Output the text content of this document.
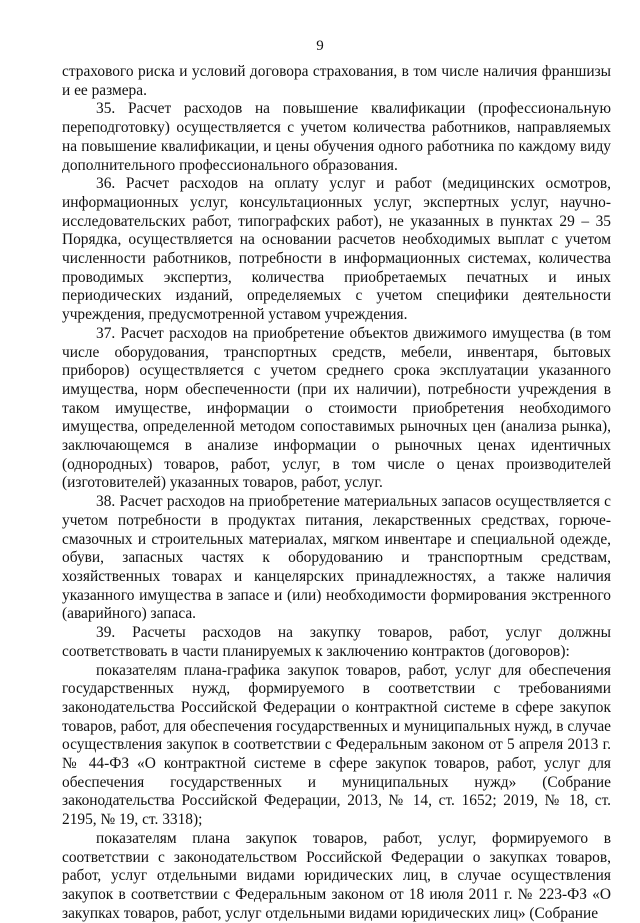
9

страхового риска и условий договора страхования, в том числе наличия франшизы и ее размера.

35. Расчет расходов на повышение квалификации (профессиональную переподготовку) осуществляется с учетом количества работников, направляемых на повышение квалификации, и цены обучения одного работника по каждому виду дополнительного профессионального образования.

36. Расчет расходов на оплату услуг и работ (медицинских осмотров, информационных услуг, консультационных услуг, экспертных услуг, научно-исследовательских работ, типографских работ), не указанных в пунктах 29 – 35 Порядка, осуществляется на основании расчетов необходимых выплат с учетом численности работников, потребности в информационных системах, количества проводимых экспертиз, количества приобретаемых печатных и иных периодических изданий, определяемых с учетом специфики деятельности учреждения, предусмотренной уставом учреждения.

37. Расчет расходов на приобретение объектов движимого имущества (в том числе оборудования, транспортных средств, мебели, инвентаря, бытовых приборов) осуществляется с учетом среднего срока эксплуатации указанного имущества, норм обеспеченности (при их наличии), потребности учреждения в таком имуществе, информации о стоимости приобретения необходимого имущества, определенной методом сопоставимых рыночных цен (анализа рынка), заключающемся в анализе информации о рыночных ценах идентичных (однородных) товаров, работ, услуг, в том числе о ценах производителей (изготовителей) указанных товаров, работ, услуг.

38. Расчет расходов на приобретение материальных запасов осуществляется с учетом потребности в продуктах питания, лекарственных средствах, горюче-смазочных и строительных материалах, мягком инвентаре и специальной одежде, обуви, запасных частях к оборудованию и транспортным средствам, хозяйственных товарах и канцелярских принадлежностях, а также наличия указанного имущества в запасе и (или) необходимости формирования экстренного (аварийного) запаса.

39. Расчеты расходов на закупку товаров, работ, услуг должны соответствовать в части планируемых к заключению контрактов (договоров):

показателям плана-графика закупок товаров, работ, услуг для обеспечения государственных нужд, формируемого в соответствии с требованиями законодательства Российской Федерации о контрактной системе в сфере закупок товаров, работ, для обеспечения государственных и муниципальных нужд, в случае осуществления закупок в соответствии с Федеральным законом от 5 апреля 2013 г. № 44-ФЗ «О контрактной системе в сфере закупок товаров, работ, услуг для обеспечения государственных и муниципальных нужд» (Собрание законодательства Российской Федерации, 2013, № 14, ст. 1652; 2019, № 18, ст. 2195, № 19, ст. 3318);

показателям плана закупок товаров, работ, услуг, формируемого в соответствии с законодательством Российской Федерации о закупках товаров, работ, услуг отдельными видами юридических лиц, в случае осуществления закупок в соответствии с Федеральным законом от 18 июля 2011 г. № 223-ФЗ «О закупках товаров, работ, услуг отдельными видами юридических лиц» (Собрание
